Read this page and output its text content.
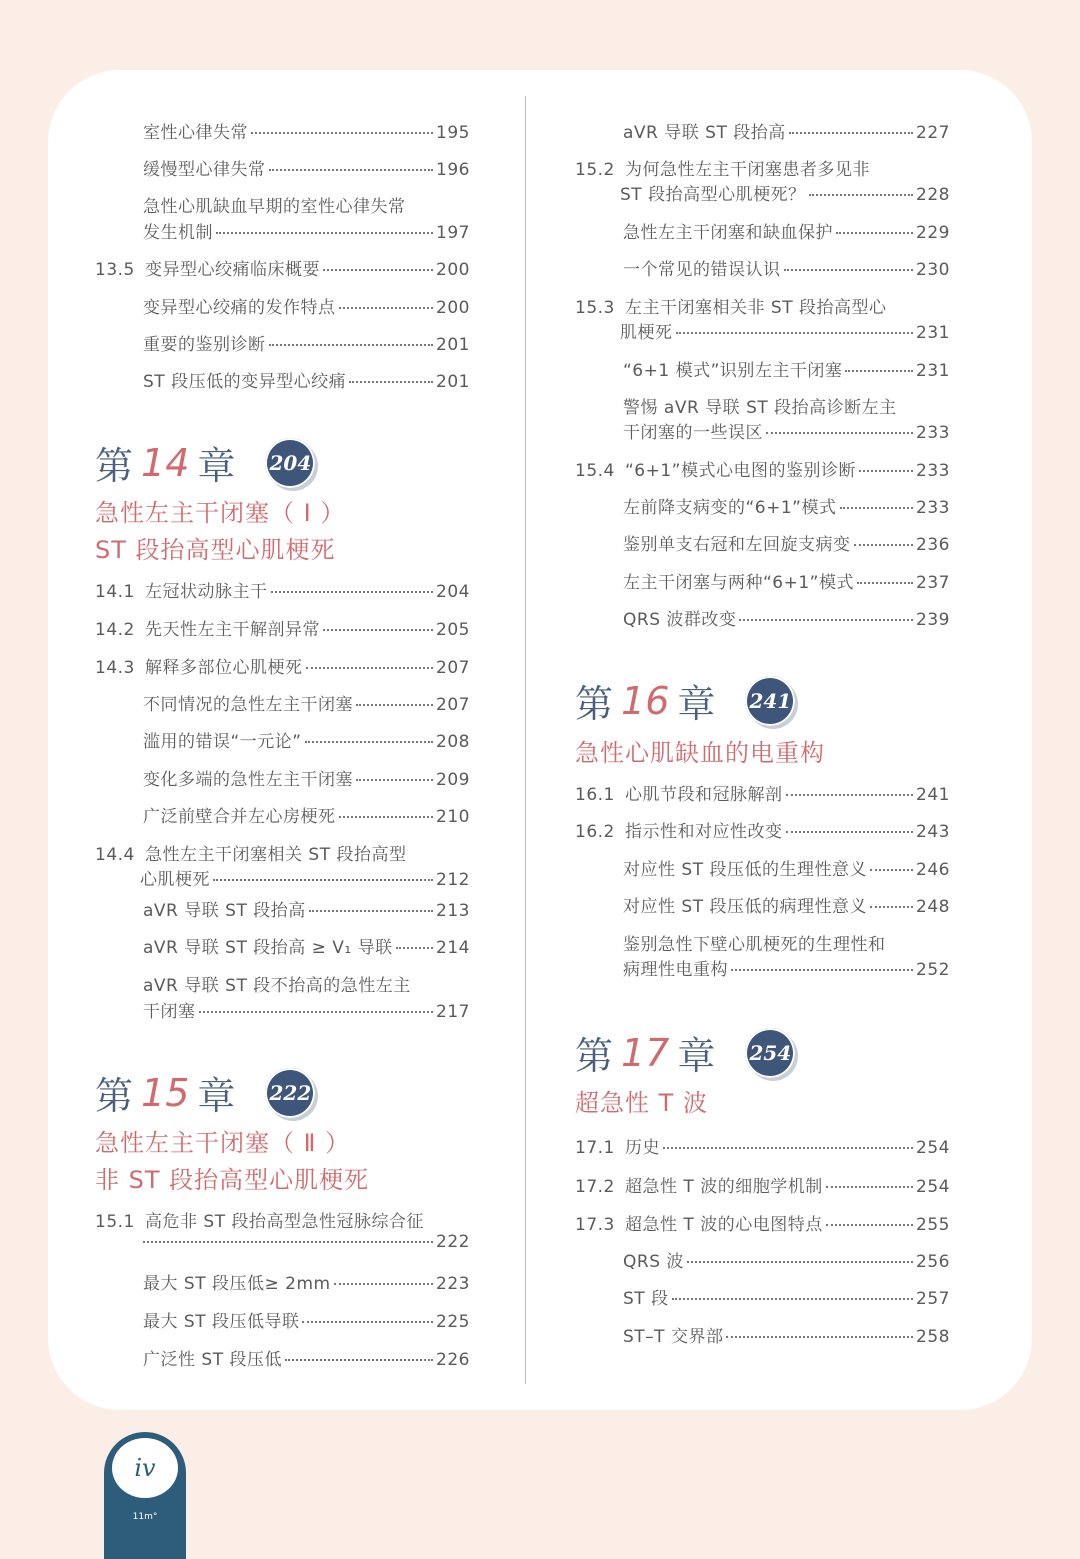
室性心律失常	195
缓慢型心律失常	196
急性心肌缺血早期的室性心律失常
发生机制	197
13.5 变异型心绞痛临床概要	200
变异型心绞痛的发作特点	200
重要的鉴别诊断	201
ST 段压低的变异型心绞痛	201
第 14 章 204
急性左主干闭塞（ Ⅰ ）
ST 段抬高型心肌梗死
14.1 左冠状动脉主干	204
14.2 先天性左主干解剖异常	205
14.3 解释多部位心肌梗死	207
不同情况的急性左主干闭塞	207
滥用的错误“一元论”	208
变化多端的急性左主干闭塞	209
广泛前壁合并左心房梗死	210
14.4 急性左主干闭塞相关 ST 段抬高型
心肌梗死	212
aVR 导联 ST 段抬高	213
aVR 导联 ST 段抬高 ≥ V₁ 导联	214
aVR 导联 ST 段不抬高的急性左主
干闭塞	217
第 15 章 222
急性左主干闭塞（ Ⅱ ）
非 ST 段抬高型心肌梗死
15.1 高危非 ST 段抬高型急性冠脉综合征
222
最大 ST 段压低≥ 2mm	223
最大 ST 段压低导联	225
广泛性 ST 段压低	226
aVR 导联 ST 段抬高	227
15.2 为何急性左主干闭塞患者多见非
ST 段抬高型心肌梗死？	228
急性左主干闭塞和缺血保护	229
一个常见的错误认识	230
15.3 左主干闭塞相关非 ST 段抬高型心
肌梗死	231
“6+1 模式”识别左主干闭塞	231
警惕 aVR 导联 ST 段抬高诊断左主
干闭塞的一些误区	233
15.4 “6+1”模式心电图的鉴别诊断	233
左前降支病变的“6+1”模式	233
鉴别单支右冠和左回旋支病变	236
左主干闭塞与两种“6+1”模式	237
QRS 波群改变	239
第 16 章 241
急性心肌缺血的电重构
16.1 心肌节段和冠脉解剖	241
16.2 指示性和对应性改变	243
对应性 ST 段压低的生理性意义	246
对应性 ST 段压低的病理性意义	248
鉴别急性下壁心肌梗死的生理性和
病理性电重构	252
第 17 章 254
超急性 T 波
17.1 历史	254
17.2 超急性 T 波的细胞学机制	254
17.3 超急性 T 波的心电图特点	255
QRS 波	256
ST 段	257
ST–T 交界部	258
iv
11m°
